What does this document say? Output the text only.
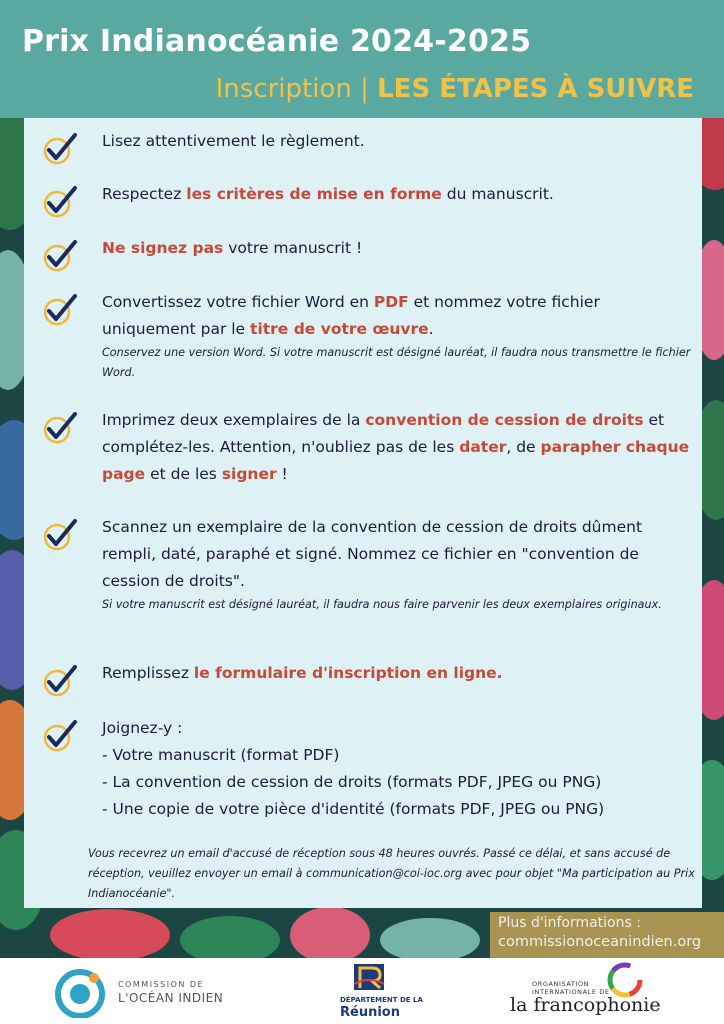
Prix Indianocéanie 2024-2025

Inscription | LES ÉTAPES À SUIVRE

Lisez attentivement le règlement.
Respectez les critères de mise en forme du manuscrit.
Ne signez pas votre manuscrit !
Convertissez votre fichier Word en PDF et nommez votre fichier uniquement par le titre de votre œuvre.
Conservez une version Word. Si votre manuscrit est désigné lauréat, il faudra nous transmettre le fichier Word.
Imprimez deux exemplaires de la convention de cession de droits et complétez-les. Attention, n'oubliez pas de les dater, de parapher chaque page et de les signer !
Scannez un exemplaire de la convention de cession de droits dûment rempli, daté, paraphé et signé. Nommez ce fichier en "convention de cession de droits".
Si votre manuscrit est désigné lauréat, il faudra nous faire parvenir les deux exemplaires originaux.
Remplissez le formulaire d'inscription en ligne.
Joignez-y :
- Votre manuscrit (format PDF)
- La convention de cession de droits (formats PDF, JPEG ou PNG)
- Une copie de votre pièce d'identité (formats PDF, JPEG ou PNG)
Vous recevrez un email d'accusé de réception sous 48 heures ouvrés. Passé ce délai, et sans accusé de réception, veuillez envoyer un email à communication@coi-ioc.org avec pour objet "Ma participation au Prix Indianocéanie".
Plus d'informations :
commissionoceanindien.org
COMMISSION DE
L'OCÉAN INDIEN	DÉPARTEMENT DE LA
Réunion
ORGANISATION
INTERNATIONALE DE
la francophonie
